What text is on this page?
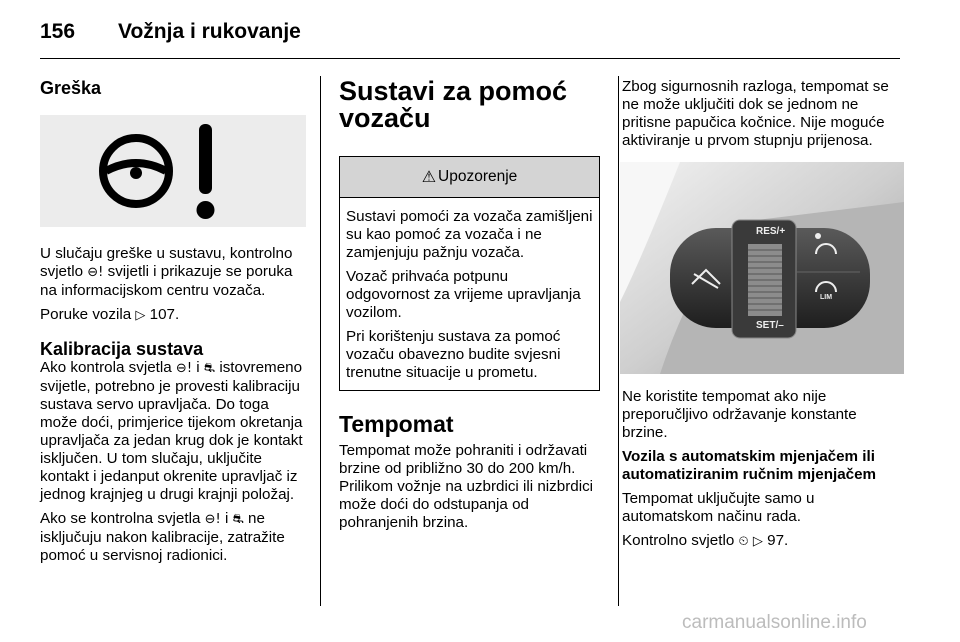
156 Vožnja i rukovanje
Greška

U slučaju greške u sustavu, kontrolno svjetlo ⊖! svijetli i prikazuje se poruka na informacijskom centru vozača.

Poruke vozila ▷ 107.

Kalibracija sustava

Ako kontrola svjetla ⊖! i ⛐ istovremeno svijetle, potrebno je provesti kalibraciju sustava servo upravljača. Do toga može doći, primjerice tijekom okretanja upravljača za jedan krug dok je kontakt isključen. U tom slučaju, uključite kontakt i jedanput okrenite upravljač iz jednog krajnjeg u drugi krajnji položaj.

Ako se kontrolna svjetla ⊖! i ⛐ ne isključuju nakon kalibracije, zatražite pomoć u servisnoj radionici.

Sustavi za pomoć vozaču
⚠ Upozorenje

Sustavi pomoći za vozača zamišljeni su kao pomoć za vozača i ne zamjenjuju pažnju vozača.

Vozač prihvaća potpunu odgovornost za vrijeme upravljanja vozilom.

Pri korištenju sustava za pomoć vozaču obavezno budite svjesni trenutne situacije u prometu.

Tempomat

Tempomat može pohraniti i održavati brzine od približno 30 do 200 km/h. Prilikom vožnje na uzbrdici ili nizbrdici može doći do odstupanja od pohranjenih brzina.

Zbog sigurnosnih razloga, tempomat se ne može uključiti dok se jednom ne pritisne papučica kočnice. Nije moguće aktiviranje u prvom stupnju prijenosa.

RES/+
SET/–
LIM

Ne koristite tempomat ako nije preporučljivo održavanje konstante brzine.

Vozila s automatskim mjenjačem ili automatiziranim ručnim mjenjačem

Tempomat uključujte samo u automatskom načinu rada.

Kontrolno svjetlo ⏲ ▷ 97.

carmanualsonline.info
